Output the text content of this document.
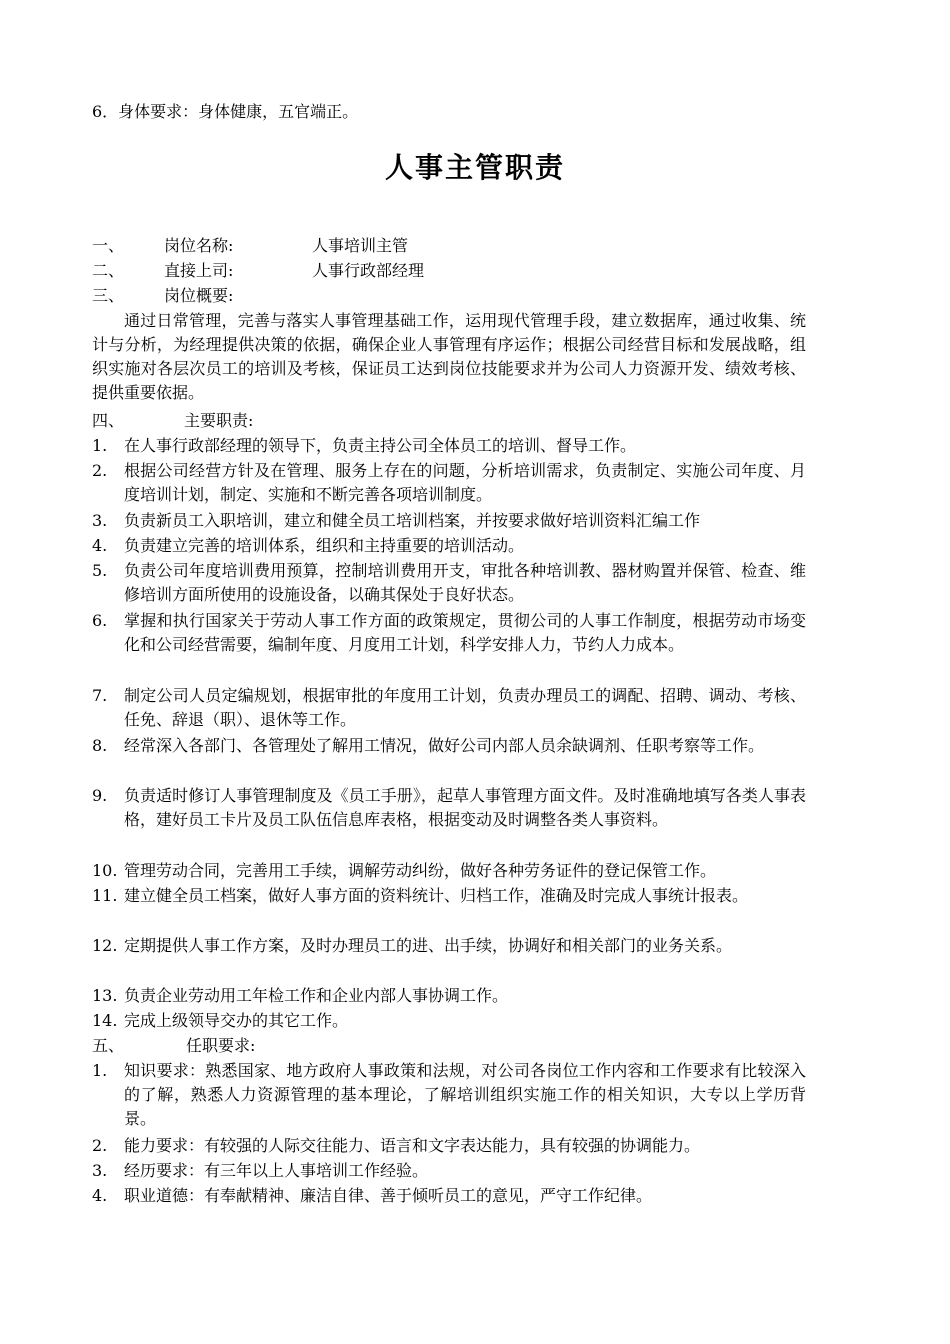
6．身体要求：身体健康，五官端正。
人事主管职责
一、 岗位名称:	人事培训主管
二、 直接上司:	人事行政部经理
三、 岗位概要:
通过日常管理，完善与落实人事管理基础工作，运用现代管理手段，建立数据库，通过收集、统计与分析，为经理提供决策的依据，确保企业人事管理有序运作；根据公司经营目标和发展战略，组织实施对各层次员工的培训及考核，保证员工达到岗位技能要求并为公司人力资源开发、绩效考核、提供重要依据。
四、	主要职责:
1.	在人事行政部经理的领导下，负责主持公司全体员工的培训、督导工作。
2.	根据公司经营方针及在管理、服务上存在的问题，分析培训需求，负责制定、实施公司年度、月度培训计划，制定、实施和不断完善各项培训制度。
3.	负责新员工入职培训，建立和健全员工培训档案，并按要求做好培训资料汇编工作
4.	负责建立完善的培训体系，组织和主持重要的培训活动。
5.	负责公司年度培训费用预算，控制培训费用开支，审批各种培训教、器材购置并保管、检查、维修培训方面所使用的设施设备，以确其保处于良好状态。
6.	掌握和执行国家关于劳动人事工作方面的政策规定，贯彻公司的人事工作制度，根据劳动市场变化和公司经营需要，编制年度、月度用工计划，科学安排人力，节约人力成本。
7.	制定公司人员定编规划，根据审批的年度用工计划，负责办理员工的调配、招聘、调动、考核、任免、辞退（职）、退休等工作。
8.	经常深入各部门、各管理处了解用工情况，做好公司内部人员余缺调剂、任职考察等工作。
9.	负责适时修订人事管理制度及《员工手册》，起草人事管理方面文件。及时准确地填写各类人事表格，建好员工卡片及员工队伍信息库表格，根据变动及时调整各类人事资料。
10. 管理劳动合同，完善用工手续，调解劳动纠纷，做好各种劳务证件的登记保管工作。
11. 建立健全员工档案，做好人事方面的资料统计、归档工作，准确及时完成人事统计报表。
12. 定期提供人事工作方案，及时办理员工的进、出手续，协调好和相关部门的业务关系。
13. 负责企业劳动用工年检工作和企业内部人事协调工作。
14. 完成上级领导交办的其它工作。
五、	任职要求:
1.	知识要求：熟悉国家、地方政府人事政策和法规，对公司各岗位工作内容和工作要求有比较深入的了解，熟悉人力资源管理的基本理论，了解培训组织实施工作的相关知识，大专以上学历背景。
2.	能力要求：有较强的人际交往能力、语言和文字表达能力，具有较强的协调能力。
3.	经历要求：有三年以上人事培训工作经验。
4.	职业道德：有奉献精神、廉洁自律、善于倾听员工的意见，严守工作纪律。
